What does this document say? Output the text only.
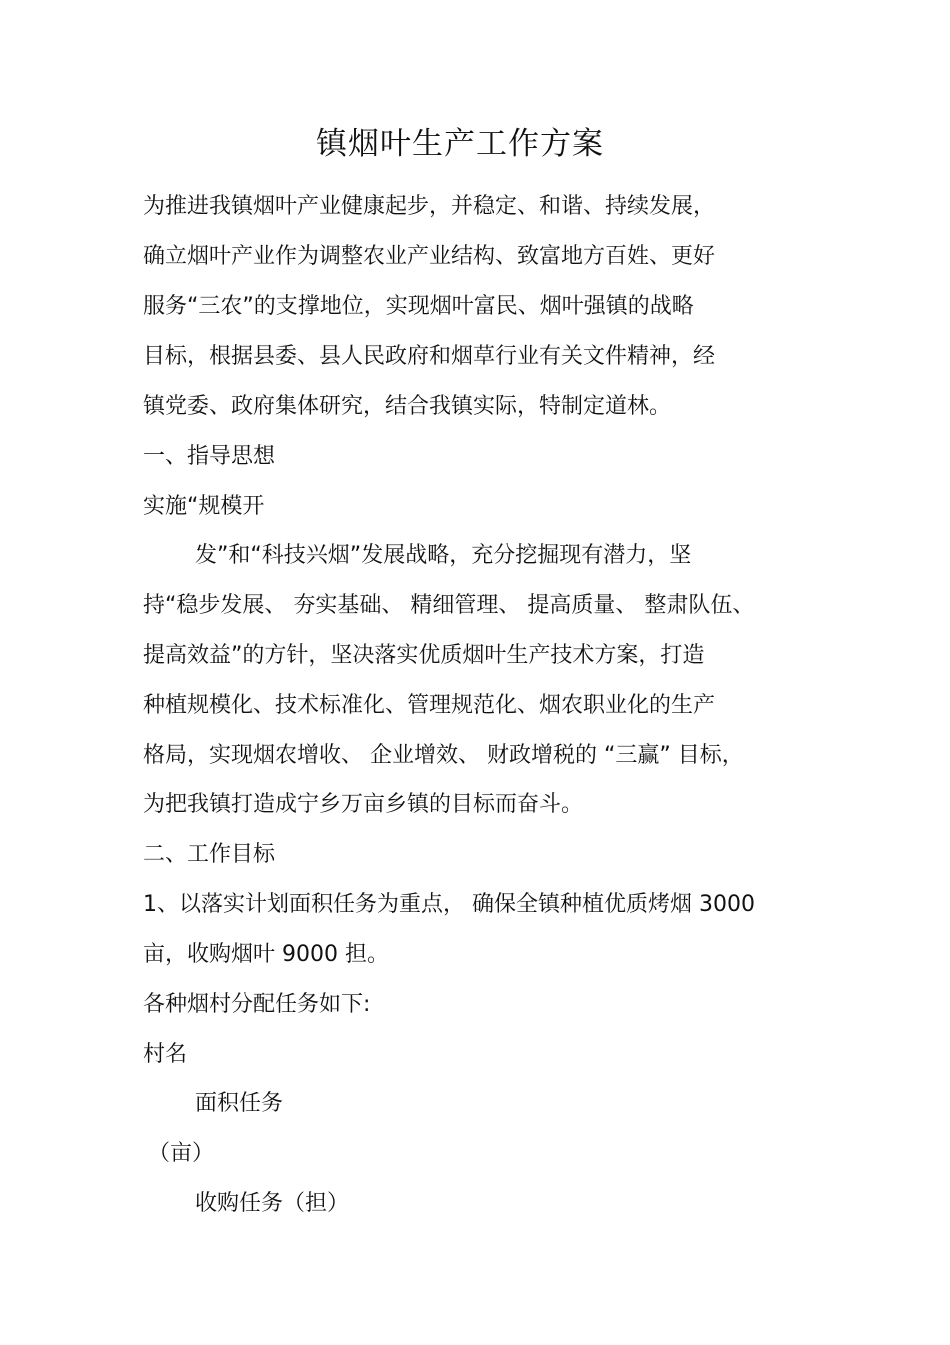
镇烟叶生产工作方案
为推进我镇烟叶产业健康起步，并稳定、和谐、持续发展，
确立烟叶产业作为调整农业产业结构、致富地方百姓、更好
服务“三农”的支撑地位，实现烟叶富民、烟叶强镇的战略
目标，根据县委、县人民政府和烟草行业有关文件精神，经
镇党委、政府集体研究，结合我镇实际，特制定道林。
一、指导思想
实施“规模开
发”和“科技兴烟”发展战略，充分挖掘现有潜力，坚
持“稳步发展、 夯实基础、 精细管理、 提高质量、 整肃队伍、
提高效益”的方针，坚决落实优质烟叶生产技术方案，打造
种植规模化、技术标准化、管理规范化、烟农职业化的生产
格局，实现烟农增收、 企业增效、 财政增税的 “三赢” 目标，
为把我镇打造成宁乡万亩乡镇的目标而奋斗。
二、工作目标
1、以落实计划面积任务为重点， 确保全镇种植优质烤烟 3000
亩，收购烟叶 9000 担。
各种烟村分配任务如下:
村名
面积任务
（亩）
收购任务（担）
